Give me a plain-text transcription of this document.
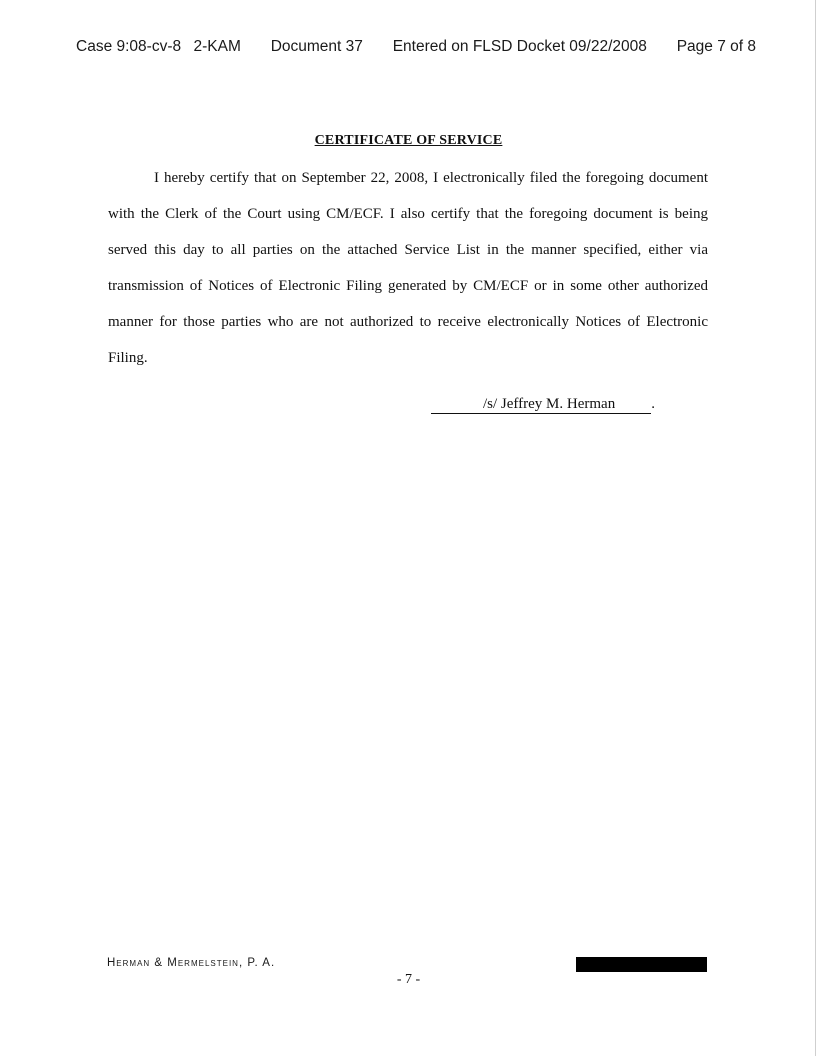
Case 9:08-cv-8    2-KAM Document 37 Entered on FLSD Docket 09/22/2008 Page 7 of 8
CERTIFICATE OF SERVICE

I hereby certify that on September 22, 2008, I electronically filed the foregoing document with the Clerk of the Court using CM/ECF. I also certify that the foregoing document is being served this day to all parties on the attached Service List in the manner specified, either via transmission of Notices of Electronic Filing generated by CM/ECF or in some other authorized manner for those parties who are not authorized to receive electronically Notices of Electronic Filing.

/s/ Jeffrey M. Herman .
Herman & Mermelstein, P. A.
- 7 -
